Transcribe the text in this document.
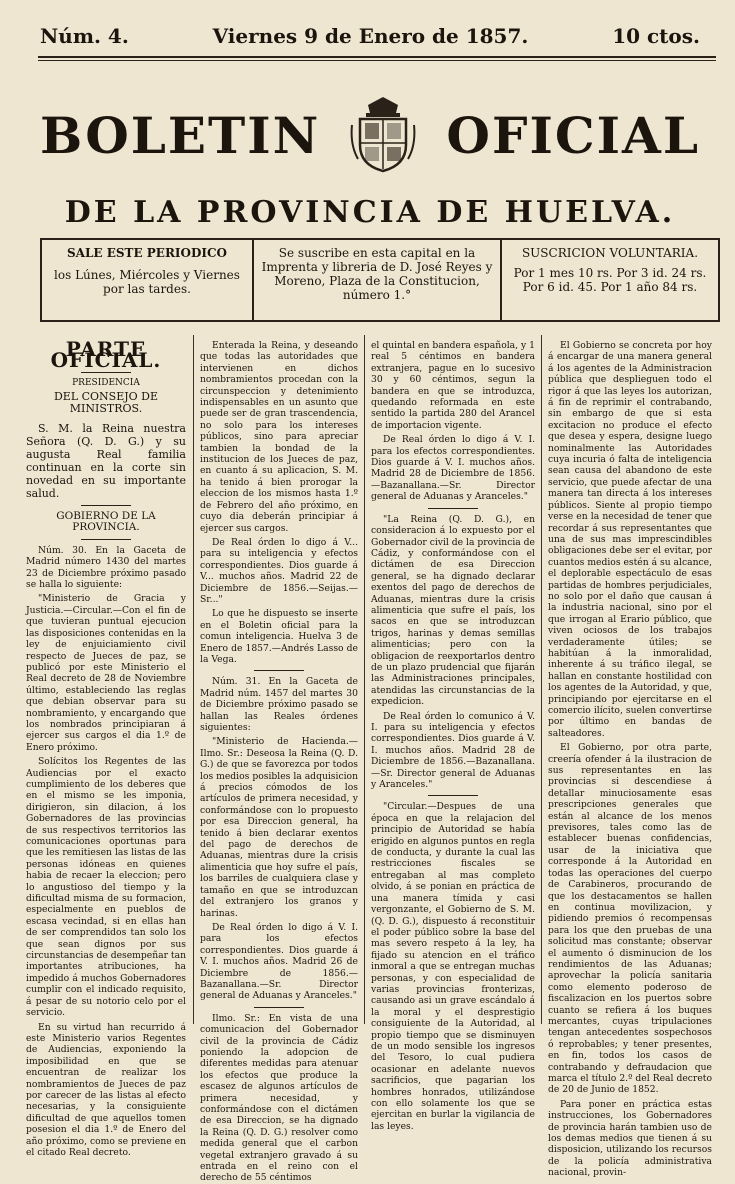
Núm. 4.	Viernes 9 de Enero de 1857.	10 ctos.
BOLETIN	OFICIAL
DE LA PROVINCIA DE HUELVA.
SALE ESTE PERIODICO
los Lúnes, Miércoles y Viernes por las tardes.
Se suscribe en esta capital en la Imprenta y libreria de D. José Reyes y Moreno, Plaza de la Constitucion, número 1.°
SUSCRICION VOLUNTARIA.
Por 1 mes 10 rs. Por 3 id. 24 rs.
Por 6 id. 45. Por 1 año 84 rs.
PARTE OFICIAL.
PRESIDENCIA
DEL CONSEJO DE MINISTROS.

S. M. la Reina nuestra Señora (Q. D. G.) y su augusta Real familia continuan en la corte sin novedad en su importante salud.

GOBIERNO DE LA PROVINCIA.

Núm. 30. En la Gaceta de Madrid número 1430 del martes 23 de Diciembre próximo pasado se halla lo siguiente:

"Ministerio de Gracia y Justicia.—Circular.—Con el fin de que tuvieran puntual ejecucion las disposiciones contenidas en la ley de enjuiciamiento civil respecto de Jueces de paz, se publicó por este Ministerio el Real decreto de 28 de Noviembre último, estableciendo las reglas que debian observar para su nombramiento, y encargando que los nombrados principiaran á ejercer sus cargos el dia 1.º de Enero próximo.

Solícitos los Regentes de las Audiencias por el exacto cumplimiento de los deberes que en el mismo se les imponia, dirigieron, sin dilacion, á los Gobernadores de las provincias de sus respectivos territorios las comunicaciones oportunas para que les remitiesen las listas de las personas idóneas en quienes habia de recaer la eleccion; pero lo angustioso del tiempo y la dificultad misma de su formacion, especialmente en pueblos de escasa vecindad, si en ellas han de ser comprendidos tan solo los que sean dignos por sus circunstancias de desempeñar tan importantes atribuciones, ha impedido á muchos Gobernadores cumplir con el indicado requisito, á pesar de su notorio celo por el servicio.

En su virtud han recurrido á este Ministerio varios Regentes de Audiencias, exponiendo la imposibilidad en que se encuentran de realizar los nombramientos de Jueces de paz por carecer de las listas al efecto necesarias, y la consiguiente dificultad de que aquellos tomen posesion el dia 1.º de Enero del año próximo, como se previene en el citado Real decreto.

Enterada la Reina, y deseando que todas las autoridades que intervienen en dichos nombramientos procedan con la circunspeccion y detenimiento indispensables en un asunto que puede ser de gran trascendencia, no solo para los intereses públicos, sino para apreciar tambien la bondad de la institucion de los Jueces de paz, en cuanto á su aplicacion, S. M. ha tenido á bien prorogar la eleccion de los mismos hasta 1.º de Febrero del año próximo, en cuyo dia deberán principiar á ejercer sus cargos.

De Real órden lo digo á V... para su inteligencia y efectos correspondientes. Dios guarde á V... muchos años. Madrid 22 de Diciembre de 1856.—Seijas.—Sr..."

Lo que he dispuesto se inserte en el Boletin oficial para la comun inteligencia. Huelva 3 de Enero de 1857.—Andrés Lasso de la Vega.

Núm. 31. En la Gaceta de Madrid núm. 1457 del martes 30 de Diciembre próximo pasado se hallan las Reales órdenes siguientes:

"Ministerio de Hacienda.—Ilmo. Sr.: Deseosa la Reina (Q. D. G.) de que se favorezca por todos los medios posibles la adquisicion á precios cómodos de los artículos de primera necesidad, y conformándose con lo propuesto por esa Direccion general, ha tenido á bien declarar exentos del pago de derechos de Aduanas, mientras dure la crisis alimenticia que hoy sufre el país, los barriles de cualquiera clase y tamaño en que se introduzcan del extranjero los granos y harinas.

De Real órden lo digo á V. I. para los efectos correspondientes. Dios guarde á V. I. muchos años. Madrid 26 de Diciembre de 1856.—Bazanallana.—Sr. Director general de Aduanas y Aranceles."

Ilmo. Sr.: En vista de una comunicacion del Gobernador civil de la provincia de Cádiz poniendo la adopcion de diferentes medidas para atenuar los efectos que produce la escasez de algunos artículos de primera necesidad, y conformándose con el dictámen de esa Direccion, se ha dignado la Reina (Q. D. G.) resolver como medida general que el carbon vegetal extranjero gravado á su entrada en el reino con el derecho de 55 céntimos

el quintal en bandera española, y 1 real 5 céntimos en bandera extranjera, pague en lo sucesivo 30 y 60 céntimos, segun la bandera en que se introduzca, quedando reformada en este sentido la partida 280 del Arancel de importacion vigente.

De Real órden lo digo á V. I. para los efectos correspondientes. Dios guarde á V. I. muchos años. Madrid 28 de Diciembre de 1856.—Bazanallana.—Sr. Director general de Aduanas y Aranceles."

"La Reina (Q. D. G.), en consideracion á lo expuesto por el Gobernador civil de la provincia de Cádiz, y conformándose con el dictámen de esa Direccion general, se ha dignado declarar exentos del pago de derechos de Aduanas, mientras dure la crisis alimenticia que sufre el país, los sacos en que se introduzcan trigos, harinas y demas semillas alimenticias; pero con la obligacion de reexportarlos dentro de un plazo prudencial que fijarán las Administraciones principales, atendidas las circunstancias de la expedicion.

De Real órden lo comunico á V. I. para su inteligencia y efectos correspondientes. Dios guarde á V. I. muchos años. Madrid 28 de Diciembre de 1856.—Bazanallana.—Sr. Director general de Aduanas y Aranceles."

"Circular.—Despues de una época en que la relajacion del principio de Autoridad se había erigido en algunos puntos en regla de conducta, y durante la cual las restricciones fiscales se entregaban al mas completo olvido, á se ponian en práctica de una manera tímida y casi vergonzante, el Gobierno de S. M. (Q. D. G.), dispuesto á reconstituir el poder público sobre la base del mas severo respeto á la ley, ha fijado su atencion en el tráfico inmoral a que se entregan muchas personas, y con especialidad de varias provincias fronterizas, causando asi un grave escándalo á la moral y el desprestigio consiguiente de la Autoridad, al propio tiempo que se disminuyen de un modo sensible los ingresos del Tesoro, lo cual pudiera ocasionar en adelante nuevos sacrificios, que pagarian los hombres honrados, utilizándose con ello solamente los que se ejercitan en burlar la vigilancia de las leyes.

El Gobierno se concreta por hoy á encargar de una manera general á los agentes de la Administracion pública que desplieguen todo el rigor á que las leyes los autorizan, á fin de reprimir el contrabando, sin embargo de que si esta excitacion no produce el efecto que desea y espera, designe luego nominalmente las Autoridades cuya incuria ó falta de inteligencia sean causa del abandono de este servicio, que puede afectar de una manera tan directa á los intereses públicos. Siente al propio tiempo verse en la necesidad de tener que recordar á sus representantes que una de sus mas imprescindibles obligaciones debe ser el evitar, por cuantos medios estén á su alcance, el deplorable espectáculo de esas partidas de hombres perjudiciales, no solo por el daño que causan á la industria nacional, sino por el que irrogan al Erario público, que viven ociosos de los trabajos verdaderamente útiles; se habitúan á la inmoralidad, inherente á su tráfico ilegal, se hallan en constante hostilidad con los agentes de la Autoridad, y que, principiando por ejercitarse en el comercio ilícito, suelen convertirse por último en bandas de salteadores.

El Gobierno, por otra parte, creería ofender á la ilustracion de sus representantes en las provincias si descendiese á detallar minuciosamente esas prescripciones generales que están al alcance de los menos previsores, tales como las de establecer buenas confidencias, usar de la iniciativa que corresponde á la Autoridad en todas las operaciones del cuerpo de Carabineros, procurando de que los destacamentos se hallen en continua movilizacion, y pidiendo premios ó recompensas para los que den pruebas de una solicitud mas constante; observar el aumento ó disminucion de los rendimientos de las Aduanas; aprovechar la policía sanitaria como elemento poderoso de fiscalizacion en los puertos sobre cuanto se refiera á los buques mercantes, cuyas tripulaciones tengan antecedentes sospechosos ó reprobables; y tener presentes, en fin, todos los casos de contrabando y defraudacion que marca el título 2.º del Real decreto de 20 de Junio de 1852.

Para poner en práctica estas instrucciones, los Gobernadores de provincia harán tambien uso de los demas medios que tienen á su disposicion, utilizando los recursos de la policía administrativa nacional, provin-
